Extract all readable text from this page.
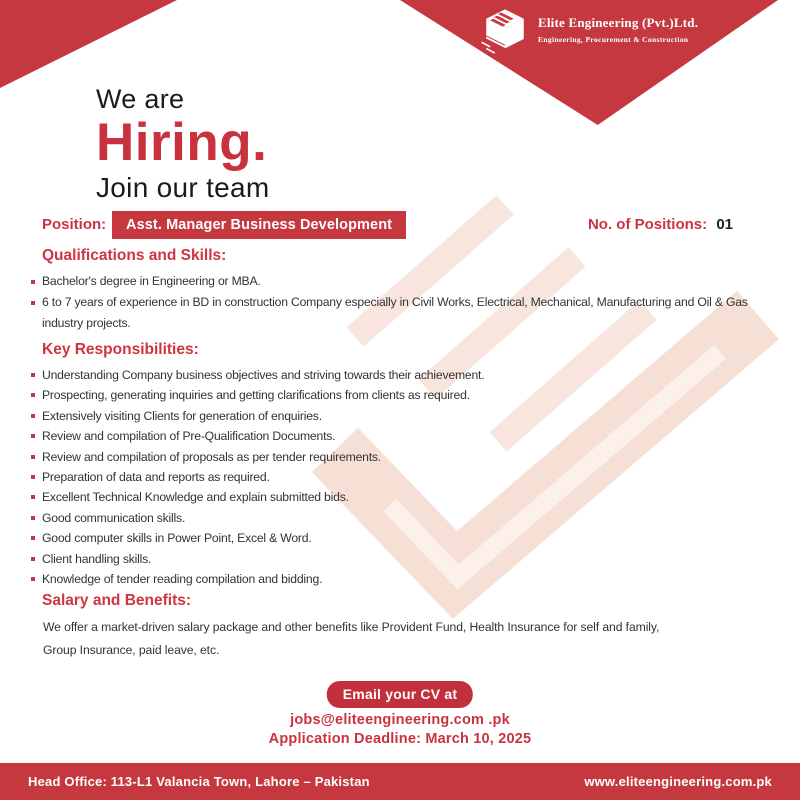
Elite Engineering (Pvt.)Ltd.
Engineering, Procurement & Construction
We are
Hiring.
Join our team
Position:	Asst. Manager Business Development	No. of Positions: 01
Qualifications and Skills:
Bachelor's degree in Engineering or MBA.
6 to 7 years of experience in BD in construction Company especially in Civil Works, Electrical, Mechanical, Manufacturing and Oil & Gas industry projects.
Key Responsibilities:
Understanding Company business objectives and striving towards their achievement.
Prospecting, generating inquiries and getting clarifications from clients as required.
Extensively visiting Clients for generation of enquiries.
Review and compilation of Pre-Qualification Documents.
Review and compilation of proposals as per tender requirements.
Preparation of data and reports as required.
Excellent Technical Knowledge and explain submitted bids.
Good communication skills.
Good computer skills in Power Point, Excel & Word.
Client handling skills.
Knowledge of tender reading compilation and bidding.
Salary and Benefits:
We offer a market-driven salary package and other benefits like Provident Fund, Health Insurance for self and family,
Group Insurance, paid leave, etc.
Email your CV at
jobs@eliteengineering.com .pk
Application Deadline: March 10, 2025
Head Office: 113-L1 Valancia Town, Lahore – Pakistan	www.eliteengineering.com.pk
